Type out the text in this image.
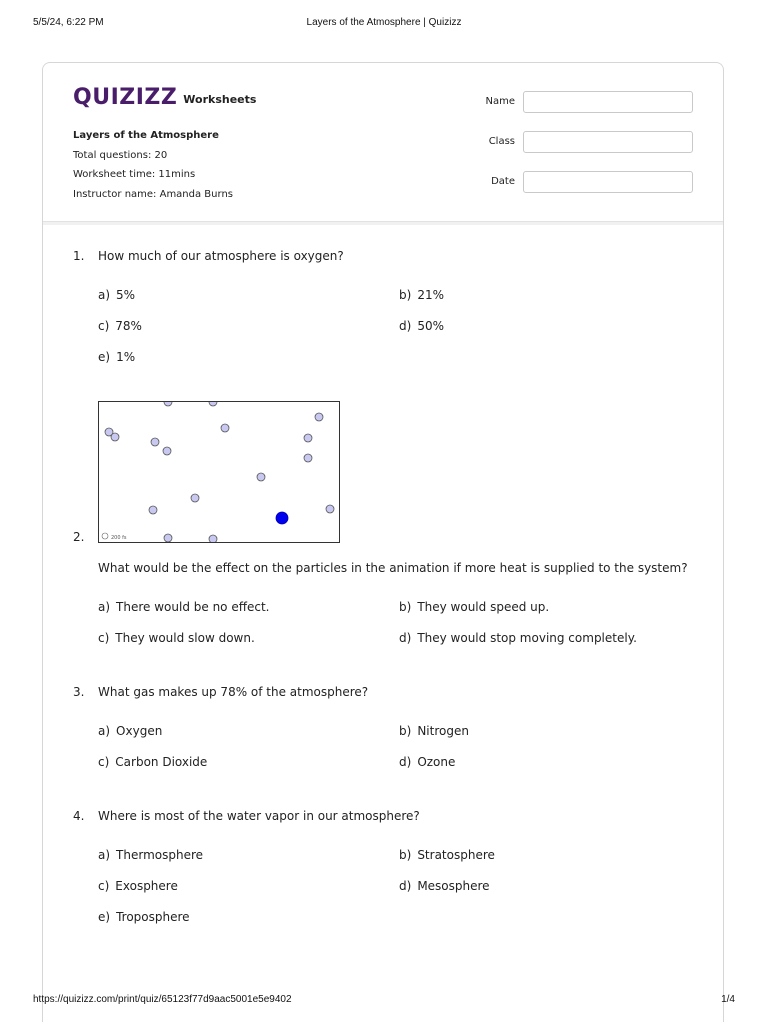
5/5/24, 6:22 PM	Layers of the Atmosphere | Quizizz
QUIZIZZ Worksheets
Layers of the Atmosphere
Total questions: 20
Worksheet time: 11mins
Instructor name: Amanda Burns
Name
Class
Date
1. How much of our atmosphere is oxygen?
a) 5%	b) 21%
c) 78%	d) 50%
e) 1%
200 fs
2.
What would be the effect on the particles in the animation if more heat is supplied to the system?
a) There would be no effect.	b) They would speed up.
c) They would slow down.	d) They would stop moving completely.
3. What gas makes up 78% of the atmosphere?
a) Oxygen	b) Nitrogen
c) Carbon Dioxide	d) Ozone
4. Where is most of the water vapor in our atmosphere?
a) Thermosphere	b) Stratosphere
c) Exosphere	d) Mesosphere
e) Troposphere
https://quizizz.com/print/quiz/65123f77d9aac5001e5e9402	1/4
